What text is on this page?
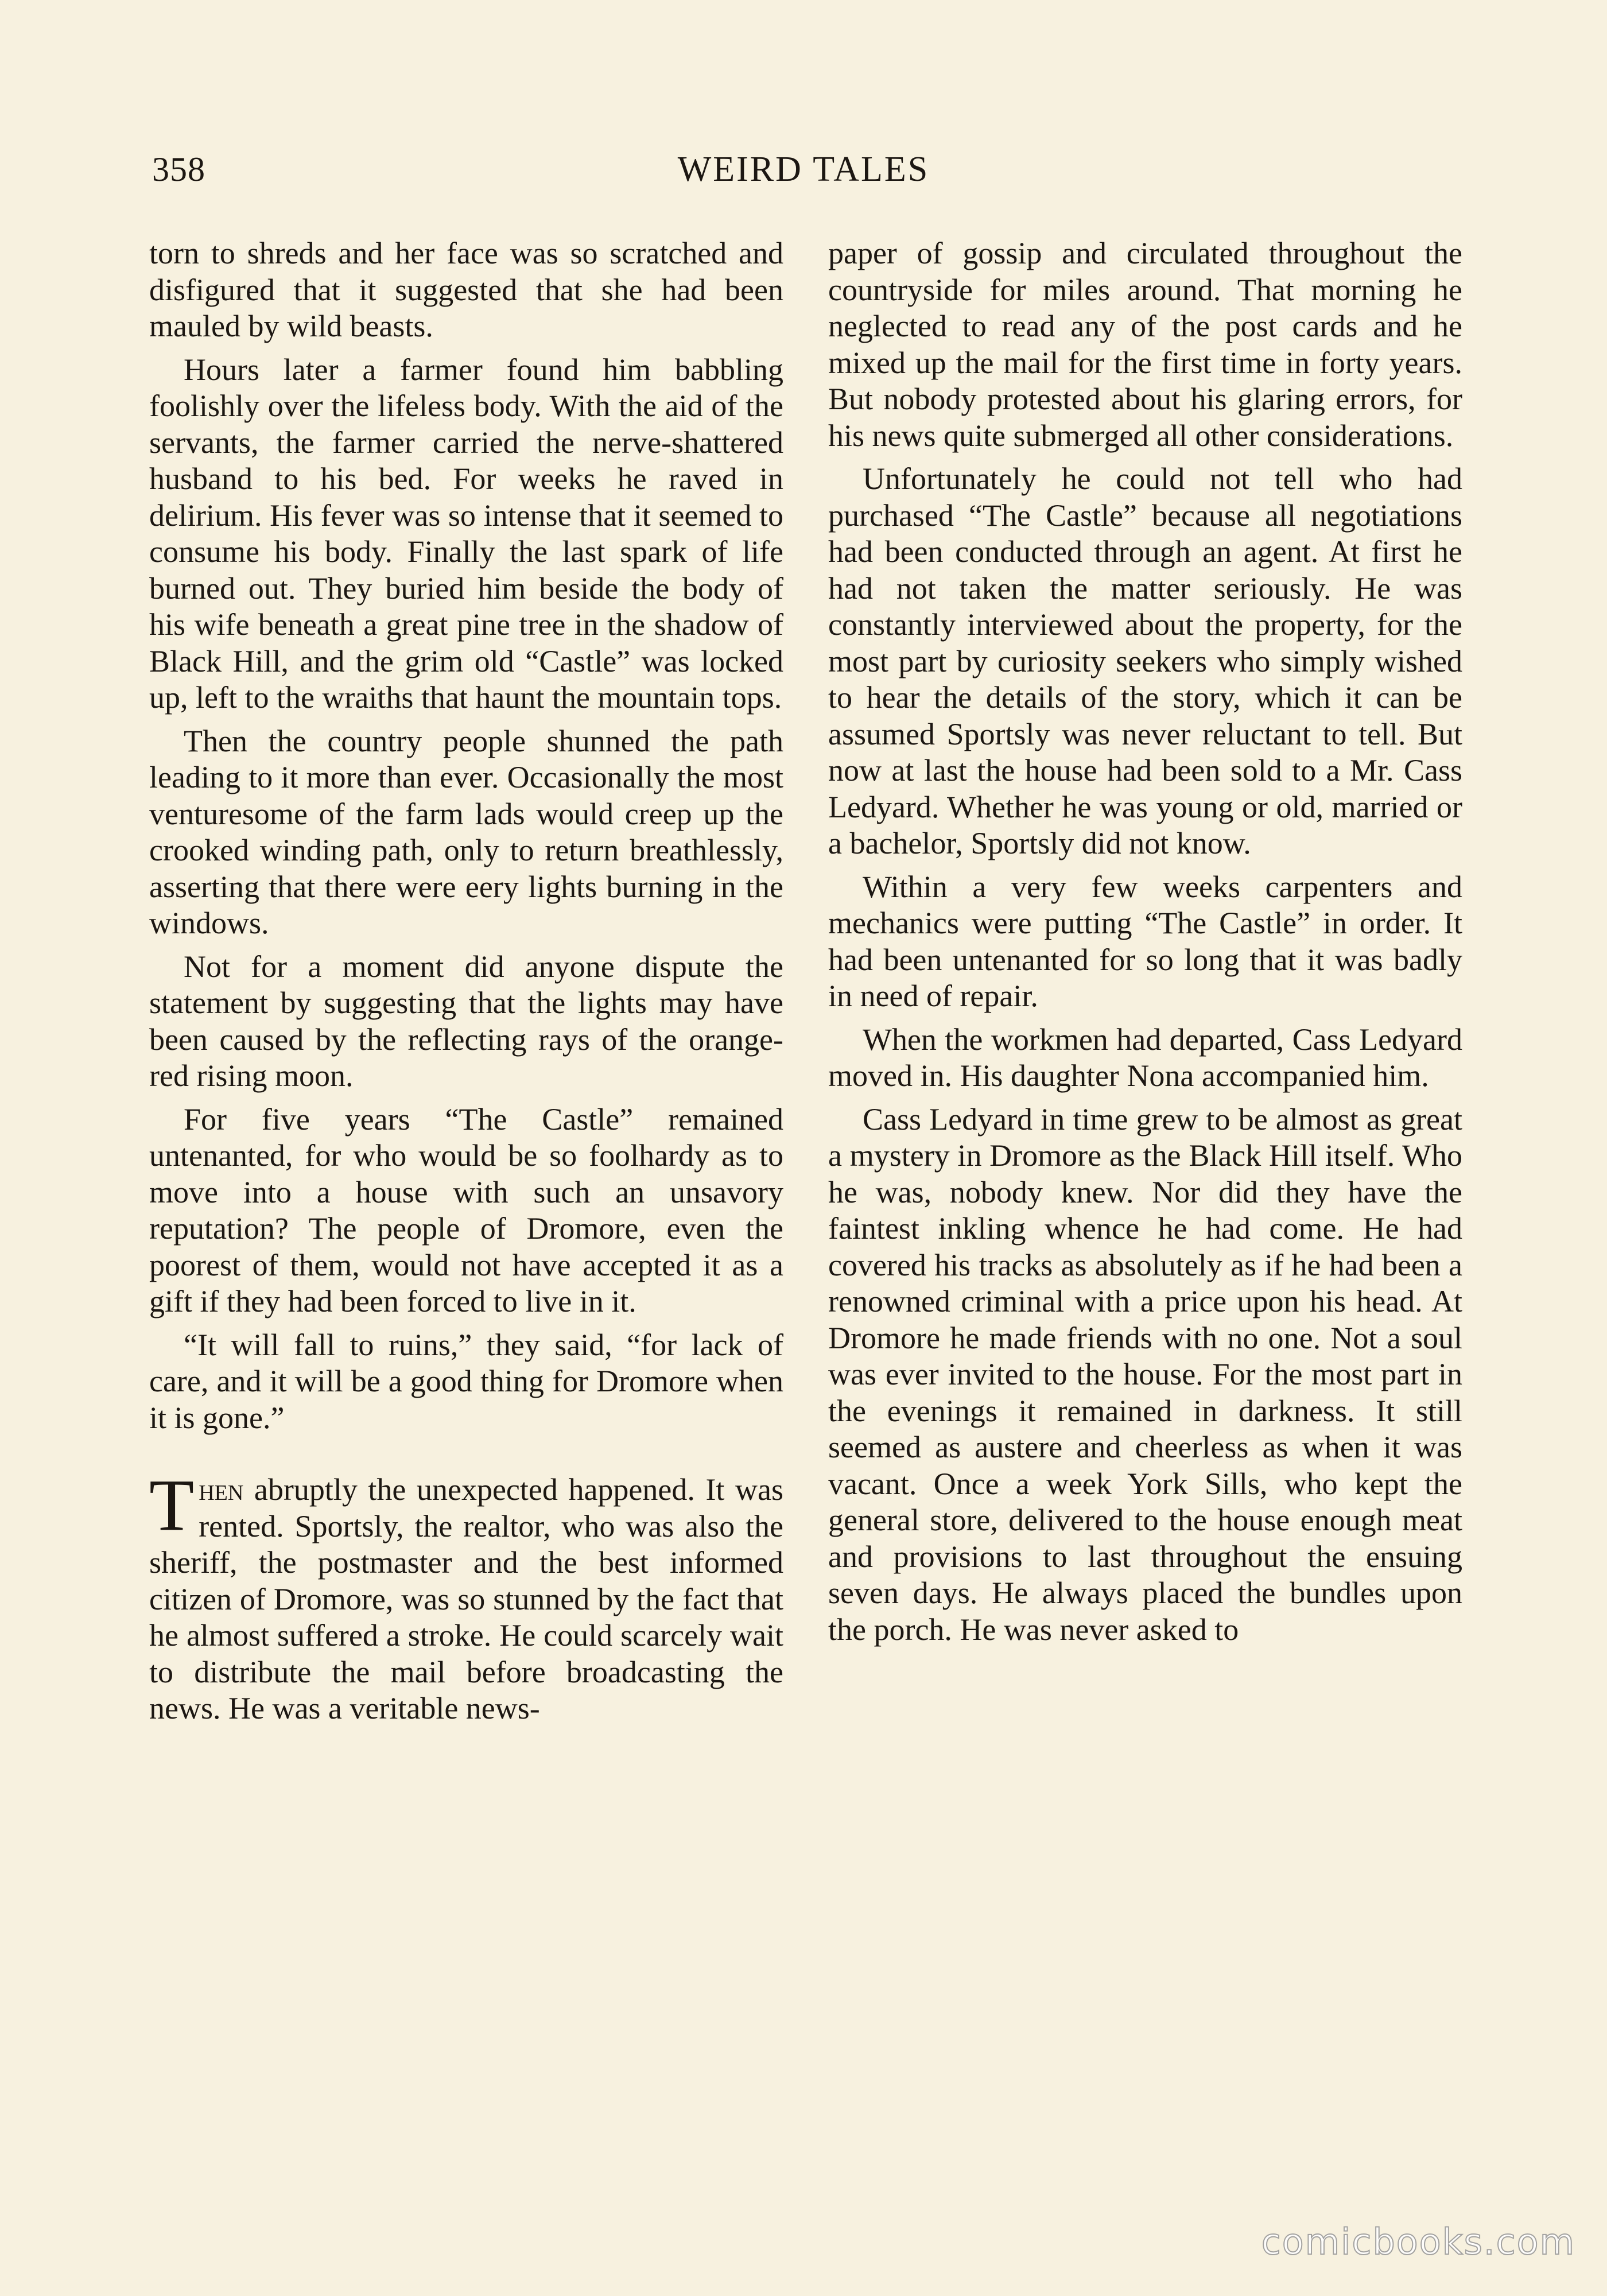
358	WEIRD TALES

torn to shreds and her face was so scratched and disfigured that it suggested that she had been mauled by wild beasts.

Hours later a farmer found him babbling foolishly over the lifeless body. With the aid of the servants, the farmer carried the nerve-shattered husband to his bed. For weeks he raved in delirium. His fever was so intense that it seemed to consume his body. Finally the last spark of life burned out. They buried him beside the body of his wife beneath a great pine tree in the shadow of Black Hill, and the grim old “Castle” was locked up, left to the wraiths that haunt the mountain tops.

Then the country people shunned the path leading to it more than ever. Occasionally the most venturesome of the farm lads would creep up the crooked winding path, only to return breathlessly, asserting that there were eery lights burning in the windows.

Not for a moment did anyone dispute the statement by suggesting that the lights may have been caused by the reflecting rays of the orange-red rising moon.

For five years “The Castle” remained untenanted, for who would be so foolhardy as to move into a house with such an unsavory reputation? The people of Dromore, even the poorest of them, would not have accepted it as a gift if they had been forced to live in it.

“It will fall to ruins,” they said, “for lack of care, and it will be a good thing for Dromore when it is gone.”

Then abruptly the unexpected happened. It was rented. Sportsly, the realtor, who was also the sheriff, the postmaster and the best informed citizen of Dromore, was so stunned by the fact that he almost suffered a stroke. He could scarcely wait to distribute the mail before broadcasting the news. He was a veritable news-

paper of gossip and circulated throughout the countryside for miles around. That morning he neglected to read any of the post cards and he mixed up the mail for the first time in forty years. But nobody protested about his glaring errors, for his news quite submerged all other considerations.

Unfortunately he could not tell who had purchased “The Castle” because all negotiations had been conducted through an agent. At first he had not taken the matter seriously. He was constantly interviewed about the property, for the most part by curiosity seekers who simply wished to hear the details of the story, which it can be assumed Sportsly was never reluctant to tell. But now at last the house had been sold to a Mr. Cass Ledyard. Whether he was young or old, married or a bachelor, Sportsly did not know.

Within a very few weeks carpenters and mechanics were putting “The Castle” in order. It had been untenanted for so long that it was badly in need of repair.

When the workmen had departed, Cass Ledyard moved in. His daughter Nona accompanied him.

Cass Ledyard in time grew to be almost as great a mystery in Dromore as the Black Hill itself. Who he was, nobody knew. Nor did they have the faintest inkling whence he had come. He had covered his tracks as absolutely as if he had been a renowned criminal with a price upon his head. At Dromore he made friends with no one. Not a soul was ever invited to the house. For the most part in the evenings it remained in darkness. It still seemed as austere and cheerless as when it was vacant. Once a week York Sills, who kept the general store, delivered to the house enough meat and provisions to last throughout the ensuing seven days. He always placed the bundles upon the porch. He was never asked to

comicbooks.com
